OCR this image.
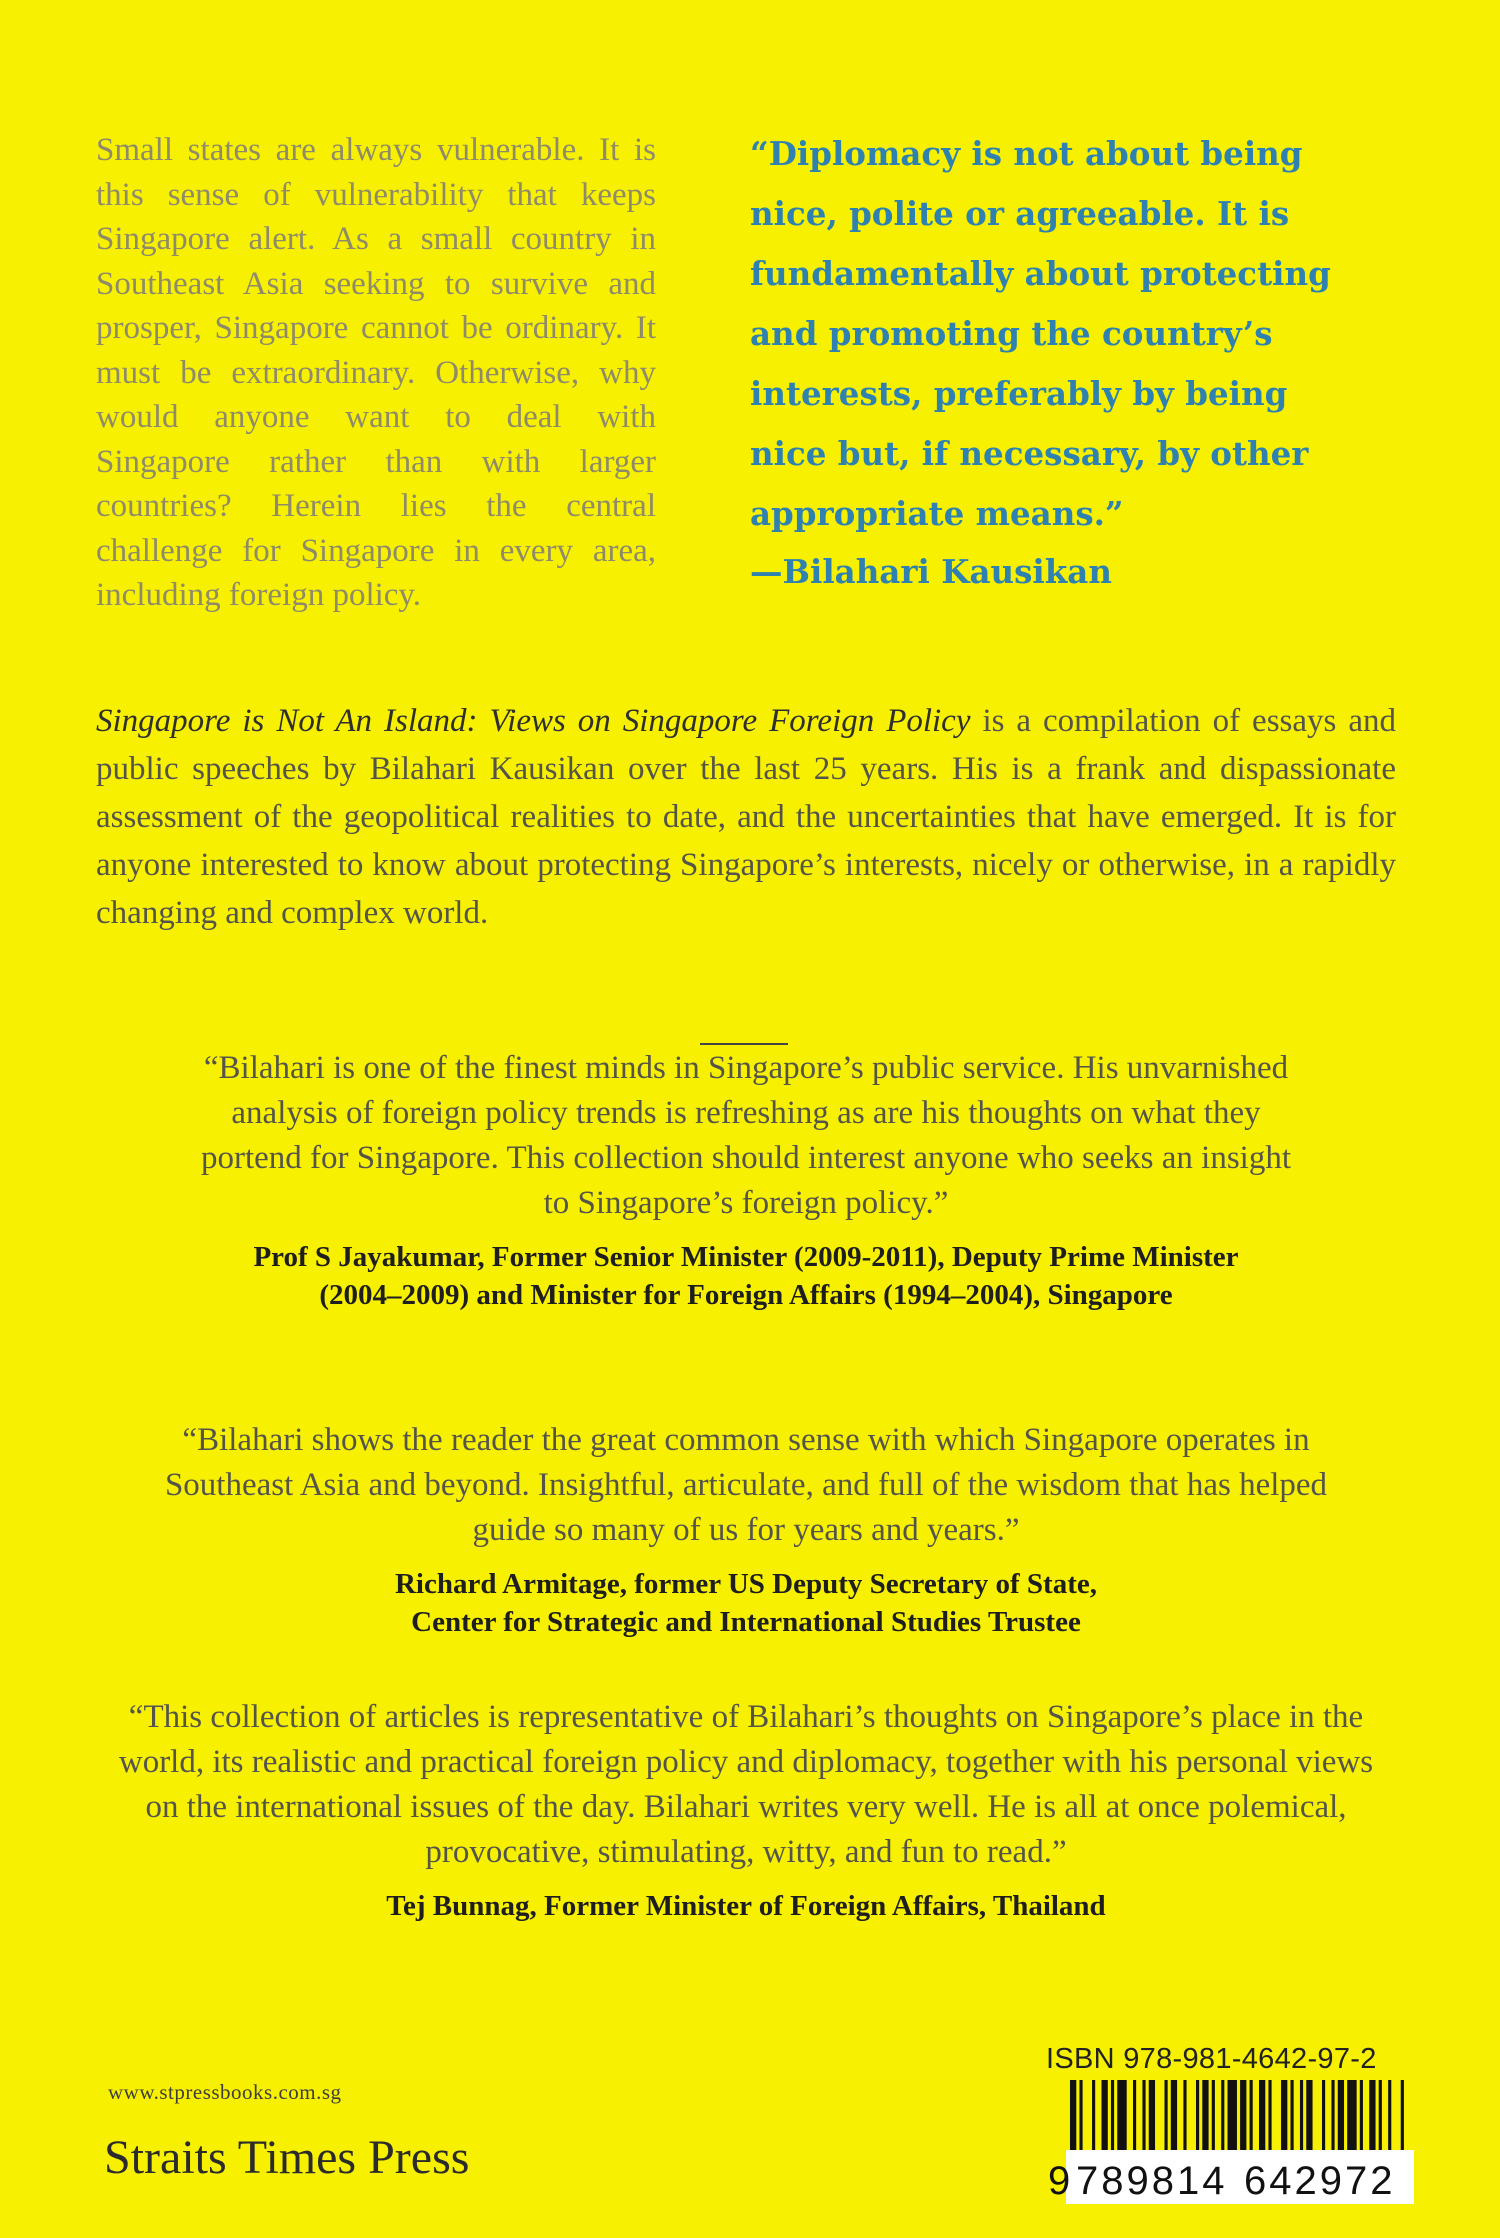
Small states are always vulnerable. It is this sense of vulnerability that keeps Singapore alert. As a small country in Southeast Asia seeking to survive and prosper, Singapore cannot be ordinary. It must be extraordinary. Otherwise, why would anyone want to deal with Singapore rather than with larger countries? Herein lies the central challenge for Singapore in every area, including foreign policy.
“Diplomacy is not about being nice, polite or agreeable. It is fundamentally about protecting and promoting the country’s interests, preferably by being nice but, if necessary, by other appropriate means.”
—Bilahari Kausikan
Singapore is Not An Island: Views on Singapore Foreign Policy is a compilation of essays and public speeches by Bilahari Kausikan over the last 25 years. His is a frank and dispassionate assessment of the geopolitical realities to date, and the uncertainties that have emerged. It is for anyone interested to know about protecting Singapore’s interests, nicely or otherwise, in a rapidly changing and complex world.
“Bilahari is one of the finest minds in Singapore’s public service. His unvarnished analysis of foreign policy trends is refreshing as are his thoughts on what they portend for Singapore. This collection should interest anyone who seeks an insight to Singapore’s foreign policy.”
Prof S Jayakumar, Former Senior Minister (2009-2011), Deputy Prime Minister
(2004–2009) and Minister for Foreign Affairs (1994–2004), Singapore
“Bilahari shows the reader the great common sense with which Singapore operates in Southeast Asia and beyond. Insightful, articulate, and full of the wisdom that has helped guide so many of us for years and years.”
Richard Armitage, former US Deputy Secretary of State,
Center for Strategic and International Studies Trustee
“This collection of articles is representative of Bilahari’s thoughts on Singapore’s place in the world, its realistic and practical foreign policy and diplomacy, together with his personal views on the international issues of the day. Bilahari writes very well. He is all at once polemical, provocative, stimulating, witty, and fun to read.”
Tej Bunnag, Former Minister of Foreign Affairs, Thailand
www.stpressbooks.com.sg
Straits Times Press
ISBN 978-981-4642-97-2
9 789814 642972
